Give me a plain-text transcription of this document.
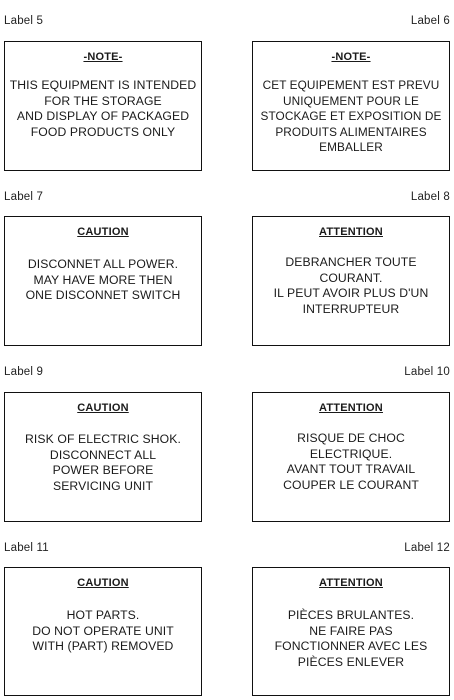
Label 5	Label 6
-NOTE-
THIS EQUIPMENT IS INTENDED
FOR THE STORAGE
AND DISPLAY OF PACKAGED
FOOD PRODUCTS ONLY
-NOTE-
CET EQUIPEMENT EST PREVU
UNIQUEMENT POUR LE
STOCKAGE ET EXPOSITION DE
PRODUITS ALIMENTAIRES
EMBALLER
Label 7	Label 8
CAUTION
DISCONNET ALL POWER.
MAY HAVE MORE THEN
ONE DISCONNET SWITCH
ATTENTION
DEBRANCHER TOUTE
COURANT.
IL PEUT AVOIR PLUS D'UN
INTERRUPTEUR
Label 9	Label 10
CAUTION
RISK OF ELECTRIC SHOK.
DISCONNECT ALL
POWER BEFORE
SERVICING UNIT
ATTENTION
RISQUE DE CHOC
ELECTRIQUE.
AVANT TOUT TRAVAIL
COUPER LE COURANT
Label 11	Label 12
CAUTION
HOT PARTS.
DO NOT OPERATE UNIT
WITH (PART) REMOVED
ATTENTION
PIÈCES BRULANTES.
NE FAIRE PAS
FONCTIONNER AVEC LES
PIÈCES ENLEVER
